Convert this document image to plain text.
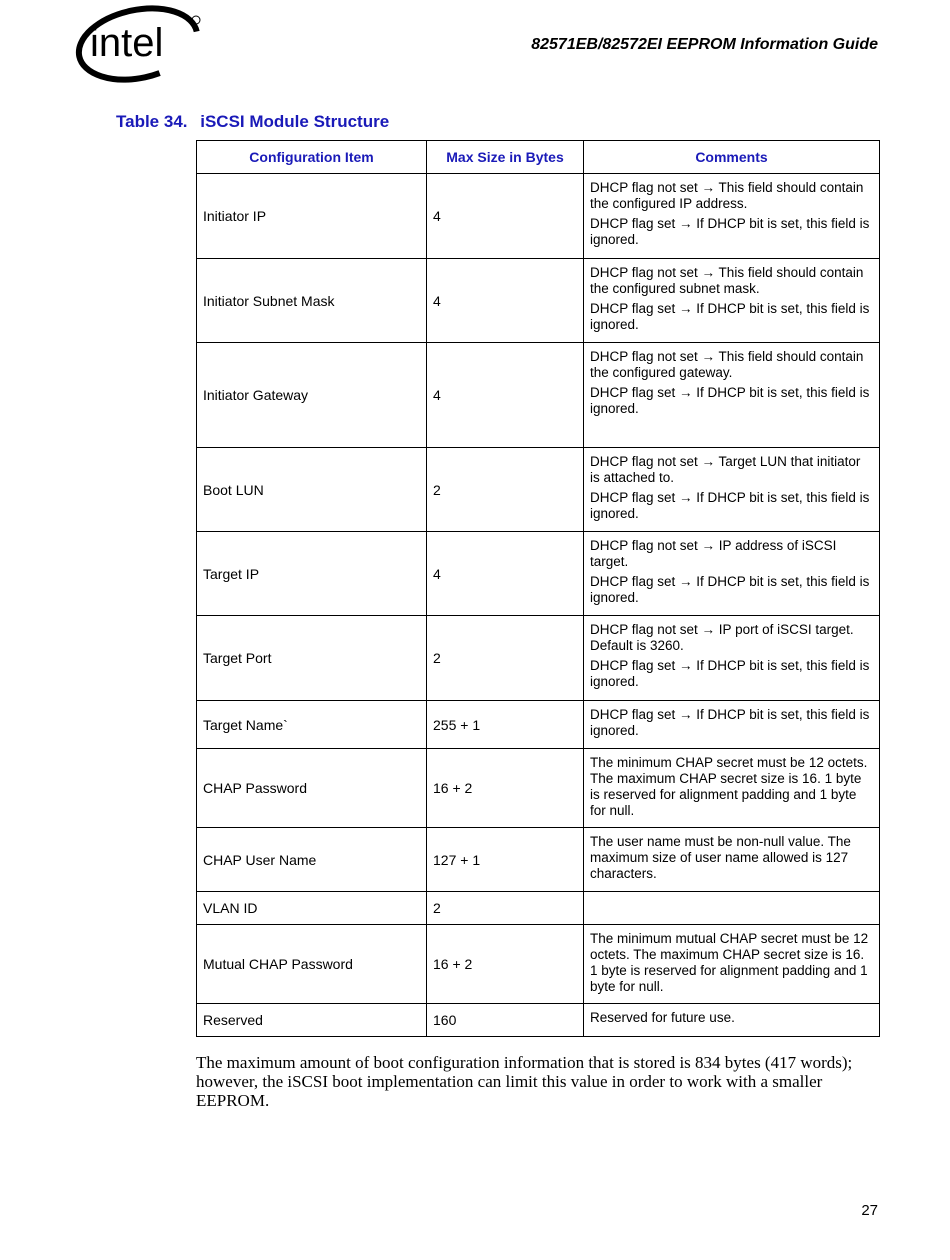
intel	82571EB/82572EI EEPROM Information Guide
Table 34. iSCSI Module Structure
Configuration Item	Max Size in Bytes	Comments
Initiator IP	4	DHCP flag not set → This field should contain the configured IP address.

DHCP flag set → If DHCP bit is set, this field is ignored.

Initiator Subnet Mask	4	DHCP flag not set → This field should contain the configured subnet mask.

DHCP flag set → If DHCP bit is set, this field is ignored.

Initiator Gateway	4	DHCP flag not set → This field should contain the configured gateway.

DHCP flag set → If DHCP bit is set, this field is ignored.

Boot LUN	2	DHCP flag not set → Target LUN that initiator is attached to.

DHCP flag set → If DHCP bit is set, this field is ignored.

Target IP	4	DHCP flag not set → IP address of iSCSI target.

DHCP flag set → If DHCP bit is set, this field is ignored.

Target Port	2	DHCP flag not set → IP port of iSCSI target. Default is 3260.

DHCP flag set → If DHCP bit is set, this field is ignored.

Target Name`	255 + 1	DHCP flag set → If DHCP bit is set, this field is ignored.

CHAP Password	16 + 2	The minimum CHAP secret must be 12 octets. The maximum CHAP secret size is 16. 1 byte is reserved for alignment padding and 1 byte for null.

CHAP User Name	127 + 1	The user name must be non-null value. The maximum size of user name allowed is 127 characters.

VLAN ID	2	
Mutual CHAP Password	16 + 2	The minimum mutual CHAP secret must be 12 octets. The maximum CHAP secret size is 16. 1 byte is reserved for alignment padding and 1 byte for null.

Reserved	160	Reserved for future use.

The maximum amount of boot configuration information that is stored is 834 bytes (417 words); however, the iSCSI boot implementation can limit this value in order to work with a smaller EEPROM.
27
